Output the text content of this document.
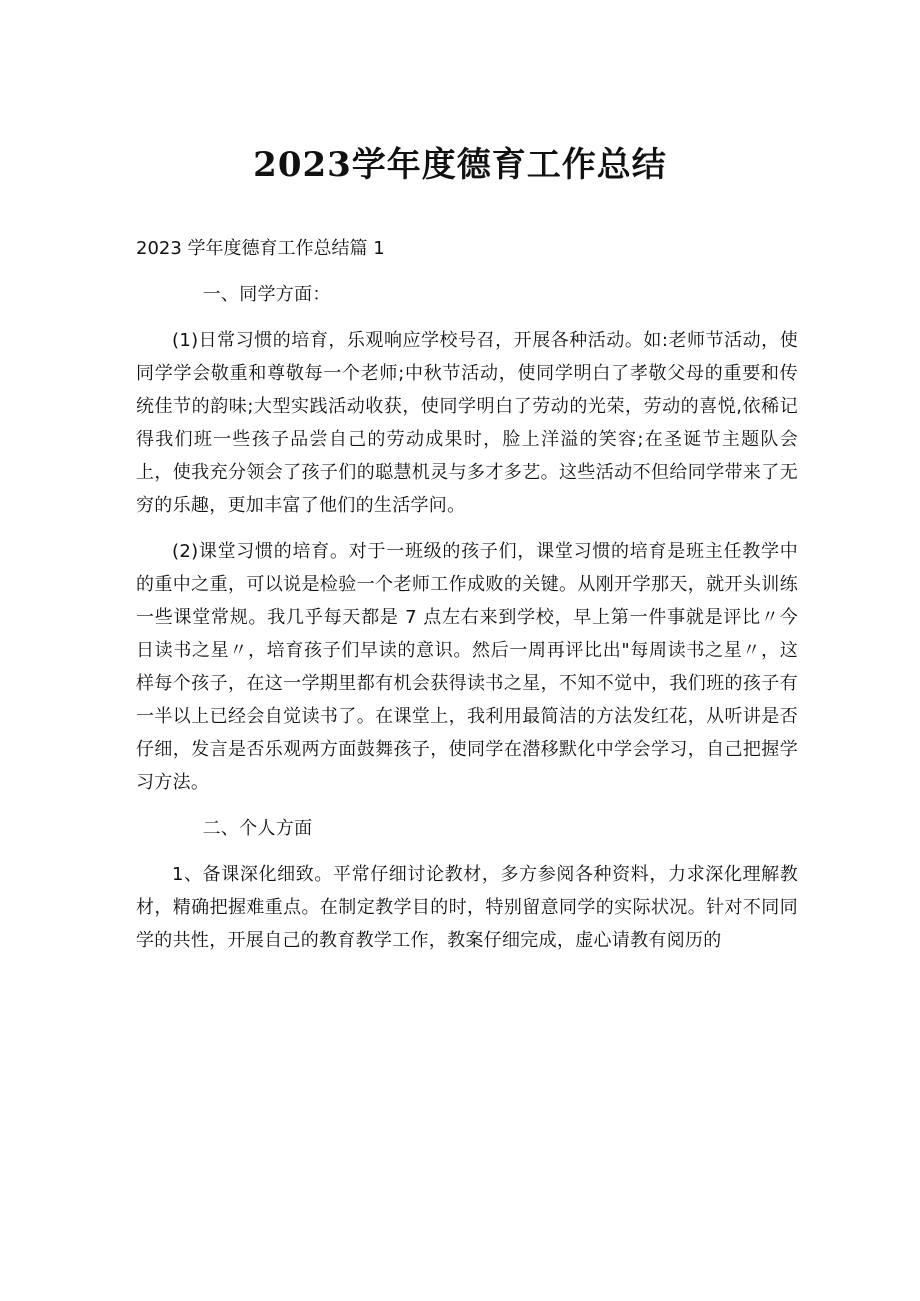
2023学年度德育工作总结
2023 学年度德育工作总结篇 1

一、同学方面：

(1)日常习惯的培育，乐观响应学校号召，开展各种活动。如:老师节活动，使同学学会敬重和尊敬每一个老师;中秋节活动，使同学明白了孝敬父母的重要和传统佳节的韵味;大型实践活动收获，使同学明白了劳动的光荣，劳动的喜悦,依稀记得我们班一些孩子品尝自己的劳动成果时，脸上洋溢的笑容;在圣诞节主题队会上，使我充分领会了孩子们的聪慧机灵与多才多艺。这些活动不但给同学带来了无穷的乐趣，更加丰富了他们的生活学问。

(2)课堂习惯的培育。对于一班级的孩子们，课堂习惯的培育是班主任教学中的重中之重，可以说是检验一个老师工作成败的关键。从刚开学那天，就开头训练一些课堂常规。我几乎每天都是 7 点左右来到学校，早上第一件事就是评比〃今日读书之星〃，培育孩子们早读的意识。然后一周再评比出"每周读书之星〃，这样每个孩子，在这一学期里都有机会获得读书之星，不知不觉中，我们班的孩子有一半以上已经会自觉读书了。在课堂上，我利用最简洁的方法发红花，从听讲是否仔细，发言是否乐观两方面鼓舞孩子，使同学在潜移默化中学会学习，自己把握学习方法。

二、个人方面

1、备课深化细致。平常仔细讨论教材，多方参阅各种资料，力求深化理解教材，精确把握难重点。在制定教学目的时，特别留意同学的实际状况。针对不同同学的共性，开展自己的教育教学工作，教案仔细完成，虚心请教有阅历的
